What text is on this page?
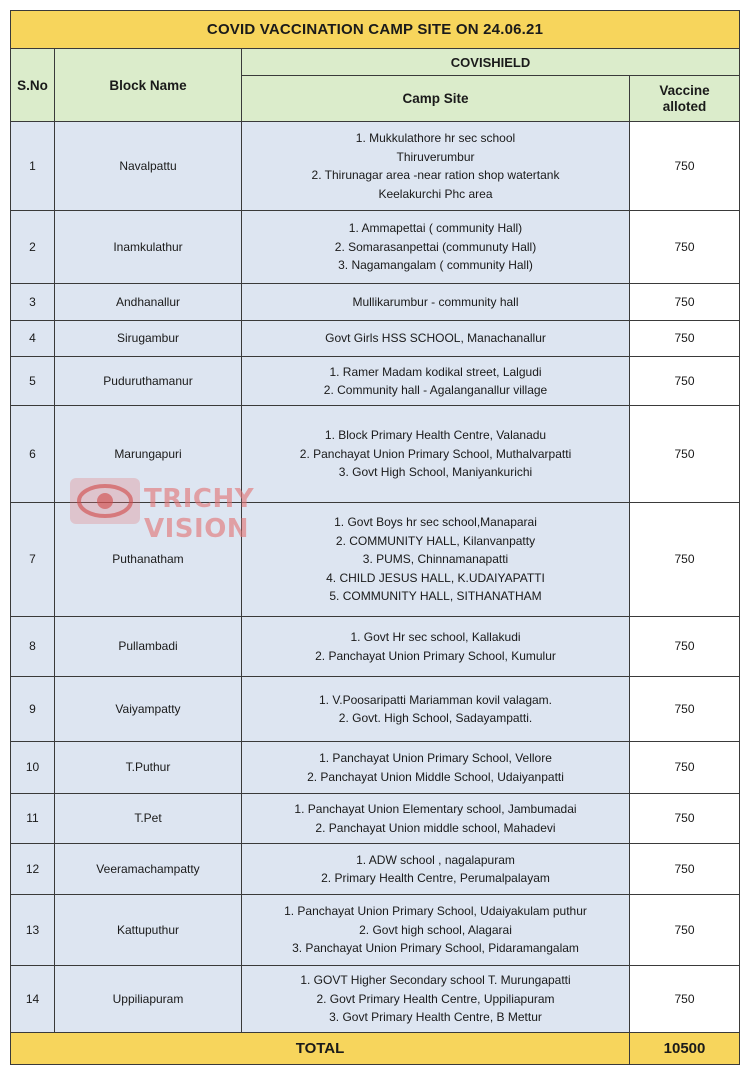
COVID VACCINATION CAMP SITE ON 24.06.21			
S.No	Block Name	COVISHIELD	
		Camp Site	Vaccine
alloted

1	Navalpattu	1. Mukkulathore hr sec school
Thiruverumbur
2. Thirunagar area -near ration shop watertank
Keelakurchi Phc area	750
2	Inamkulathur	1. Ammapettai ( community Hall)
2. Somarasanpettai (communuty Hall)
3. Nagamangalam ( community Hall)	750
3	Andhanallur	Mullikarumbur - community hall	750
4	Sirugambur	Govt Girls HSS SCHOOL, Manachanallur	750
5	Puduruthamanur	1. Ramer Madam kodikal street, Lalgudi
2. Community hall - Agalanganallur village	750
6	Marungapuri	1. Block Primary Health Centre, Valanadu
2. Panchayat Union Primary School, Muthalvarpatti
3. Govt High School, Maniyankurichi	750
7	Puthanatham	1. Govt Boys hr sec school,Manaparai
2. COMMUNITY HALL, Kilanvanpatty
3. PUMS, Chinnamanapatti
4. CHILD JESUS HALL, K.UDAIYAPATTI
5. COMMUNITY HALL, SITHANATHAM	750
8	Pullambadi	1. Govt Hr sec school, Kallakudi
2. Panchayat Union Primary School, Kumulur	750
9	Vaiyampatty	1. V.Poosaripatti Mariamman kovil valagam.
2. Govt. High School, Sadayampatti.	750
10	T.Puthur	1. Panchayat Union Primary School, Vellore
2. Panchayat Union Middle School, Udaiyanpatti	750
11	T.Pet	1. Panchayat Union Elementary school, Jambumadai
2. Panchayat Union middle school, Mahadevi	750
12	Veeramachampatty	1. ADW school , nagalapuram
2. Primary Health Centre, Perumalpalayam	750
13	Kattuputhur	1. Panchayat Union Primary School, Udaiyakulam puthur
2. Govt high school, Alagarai
3. Panchayat Union Primary School, Pidaramangalam	750
14	Uppiliapuram	1. GOVT Higher Secondary school T. Murungapatti
2. Govt Primary Health Centre, Uppiliapuram
3. Govt Primary Health Centre, B Mettur	750
TOTAL			10500
TRICHY VISION
